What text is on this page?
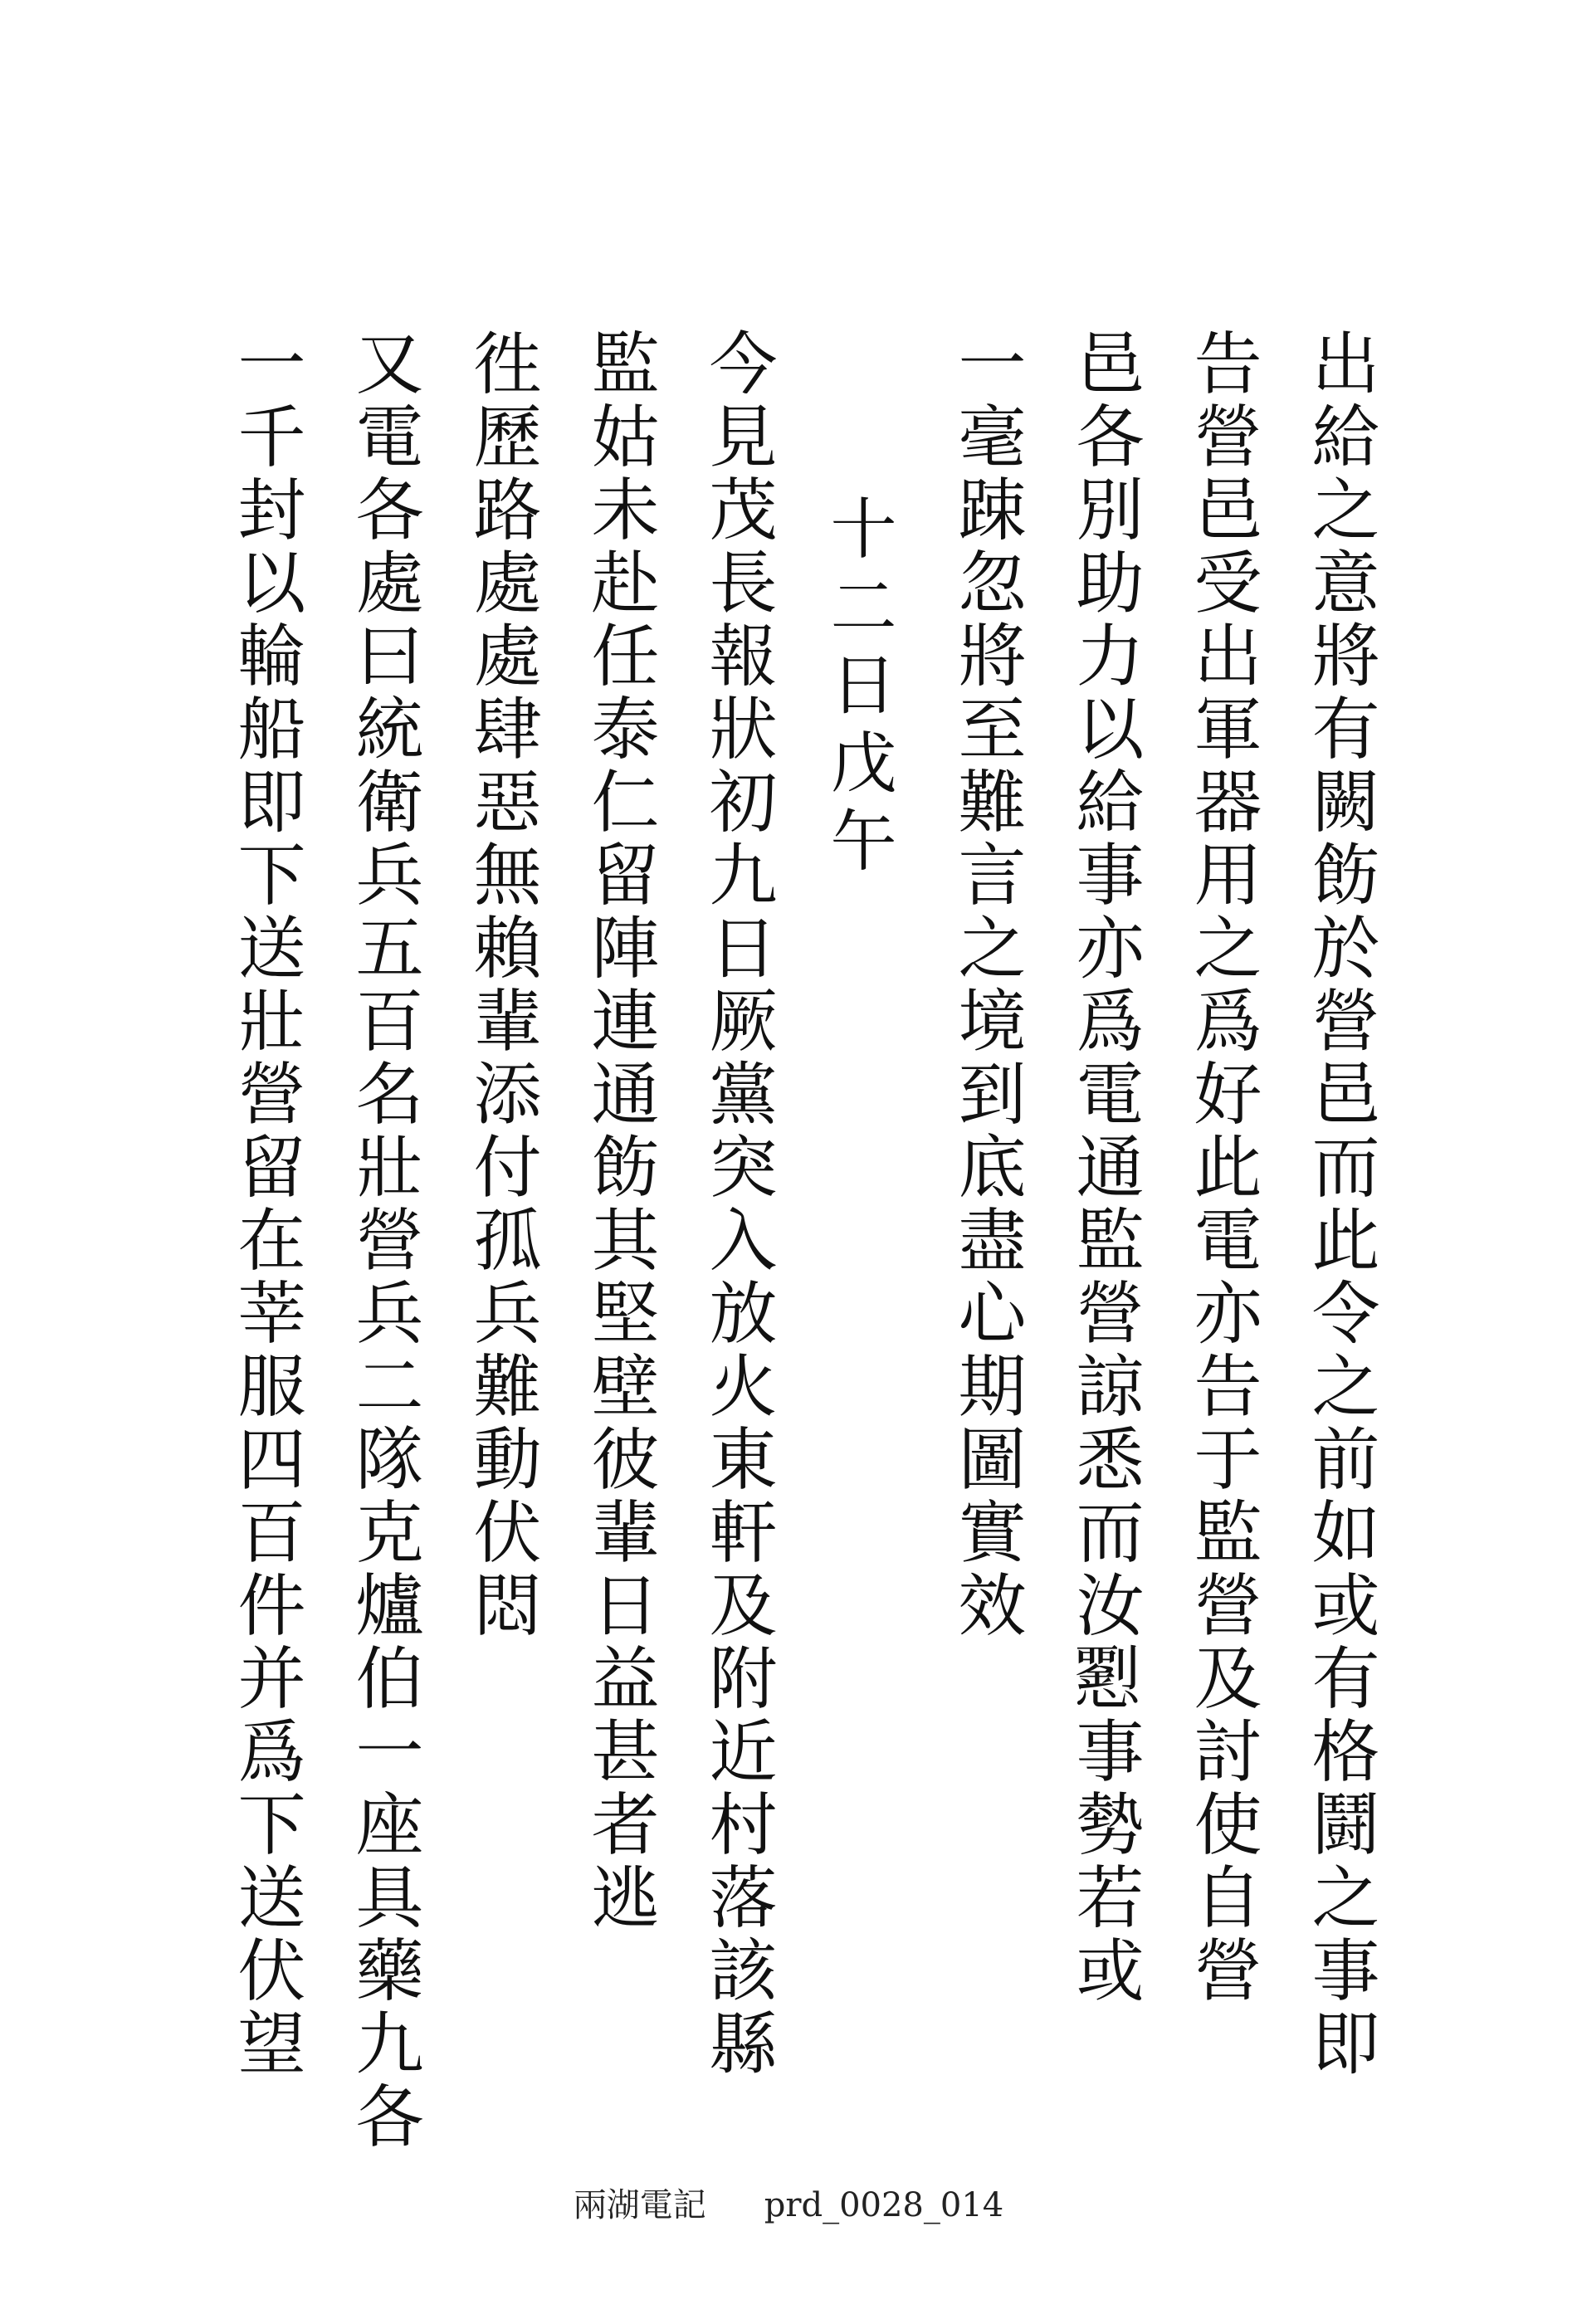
出給之意將有闕飭於營邑而此令之前如或有格鬪之事即
告營邑受出軍器用之爲好此電亦告于監營及討使自營
邑各別助力以給事亦爲電通監營諒悉而汝𢥍事勢若或
一毫踈忽將至難言之境到底盡心期圖實效
十二日戊午
今見茂長報狀初九日厥黨突入放火東軒及附近村落該縣
監姑未赴任泰仁留陣連通飭其堅壁彼輩日益甚者逃
徃歷路處處肆惡無賴輩添付孤兵難動伏悶
又電各處曰統衛兵五百名壯營兵二隊克爐伯一座具藥九各
一千封以輪船即下送壯營留在莘服四百件并爲下送伏望
兩湖電記 prd_0028_014
